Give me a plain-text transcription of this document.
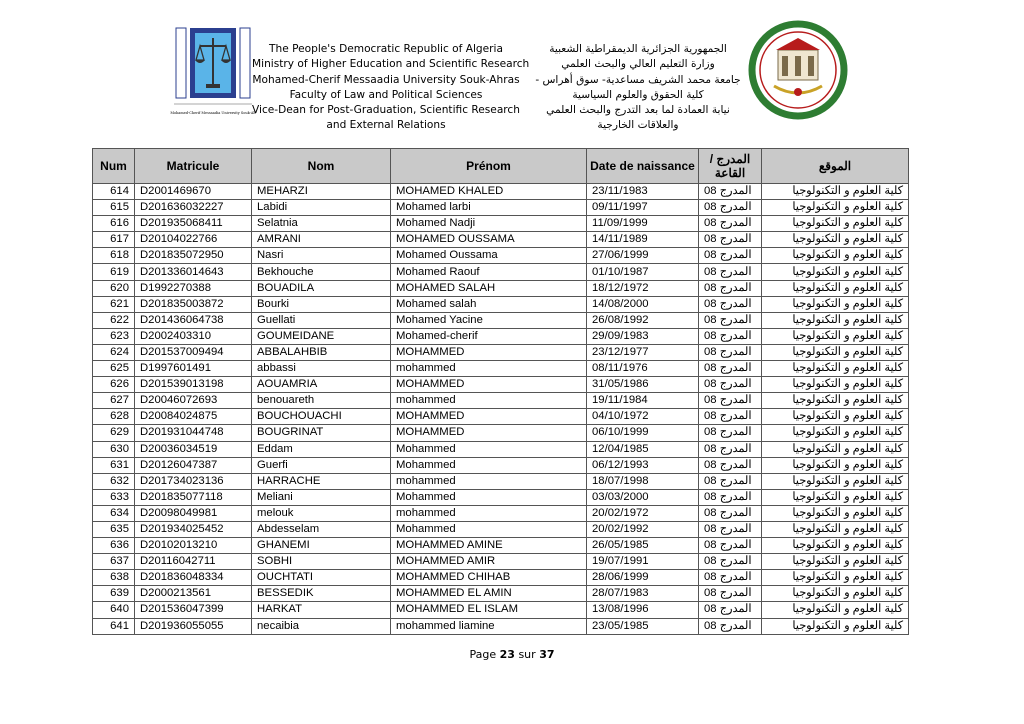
Mohamed-Cherif Messaadia University Souk-Ah
The People's Democratic Republic of Algeria
Ministry of Higher Education and Scientific Research
Mohamed-Cherif Messaadia University Souk-Ahras
Faculty of Law and Political Sciences
Vice-Dean for Post-Graduation, Scientific Research
and External Relations
الجمهورية الجزائرية الديمقراطية الشعبية
وزارة التعليم العالي والبحث العلمي
جامعة محمد الشريف مساعدية- سوق أهراس -
كلية الحقوق والعلوم السياسية
نيابة العمادة لما بعد التدرج والبحث العلمي والعلاقات الخارجية
Num	Matricule	Nom	Prénom	Date de naissance	المدرج / القاعة	الموقع
614	D2001469670	MEHARZI	MOHAMED KHALED	23/11/1983	المدرج 08	كلية العلوم و التكنولوجيا
615	D201636032227	Labidi	Mohamed larbi	09/11/1997	المدرج 08	كلية العلوم و التكنولوجيا
616	D201935068411	Selatnia	Mohamed Nadji	11/09/1999	المدرج 08	كلية العلوم و التكنولوجيا
617	D20104022766	AMRANI	MOHAMED OUSSAMA	14/11/1989	المدرج 08	كلية العلوم و التكنولوجيا
618	D201835072950	Nasri	Mohamed Oussama	27/06/1999	المدرج 08	كلية العلوم و التكنولوجيا
619	D201336014643	Bekhouche	Mohamed Raouf	01/10/1987	المدرج 08	كلية العلوم و التكنولوجيا
620	D1992270388	BOUADILA	MOHAMED SALAH	18/12/1972	المدرج 08	كلية العلوم و التكنولوجيا
621	D201835003872	Bourki	Mohamed salah	14/08/2000	المدرج 08	كلية العلوم و التكنولوجيا
622	D201436064738	Guellati	Mohamed Yacine	26/08/1992	المدرج 08	كلية العلوم و التكنولوجيا
623	D2002403310	GOUMEIDANE	Mohamed-cherif	29/09/1983	المدرج 08	كلية العلوم و التكنولوجيا
624	D201537009494	ABBALAHBIB	MOHAMMED	23/12/1977	المدرج 08	كلية العلوم و التكنولوجيا
625	D1997601491	abbassi	mohammed	08/11/1976	المدرج 08	كلية العلوم و التكنولوجيا
626	D201539013198	AOUAMRIA	MOHAMMED	31/05/1986	المدرج 08	كلية العلوم و التكنولوجيا
627	D20046072693	benouareth	mohammed	19/11/1984	المدرج 08	كلية العلوم و التكنولوجيا
628	D20084024875	BOUCHOUACHI	MOHAMMED	04/10/1972	المدرج 08	كلية العلوم و التكنولوجيا
629	D201931044748	BOUGRINAT	MOHAMMED	06/10/1999	المدرج 08	كلية العلوم و التكنولوجيا
630	D20036034519	Eddam	Mohammed	12/04/1985	المدرج 08	كلية العلوم و التكنولوجيا
631	D20126047387	Guerfi	Mohammed	06/12/1993	المدرج 08	كلية العلوم و التكنولوجيا
632	D201734023136	HARRACHE	mohammed	18/07/1998	المدرج 08	كلية العلوم و التكنولوجيا
633	D201835077118	Meliani	Mohammed	03/03/2000	المدرج 08	كلية العلوم و التكنولوجيا
634	D20098049981	melouk	mohammed	20/02/1972	المدرج 08	كلية العلوم و التكنولوجيا
635	D201934025452	Abdesselam	Mohammed	20/02/1992	المدرج 08	كلية العلوم و التكنولوجيا
636	D20102013210	GHANEMI	MOHAMMED AMINE	26/05/1985	المدرج 08	كلية العلوم و التكنولوجيا
637	D20116042711	SOBHI	MOHAMMED AMIR	19/07/1991	المدرج 08	كلية العلوم و التكنولوجيا
638	D201836048334	OUCHTATI	MOHAMMED CHIHAB	28/06/1999	المدرج 08	كلية العلوم و التكنولوجيا
639	D2000213561	BESSEDIK	MOHAMMED EL AMIN	28/07/1983	المدرج 08	كلية العلوم و التكنولوجيا
640	D201536047399	HARKAT	MOHAMMED EL ISLAM	13/08/1996	المدرج 08	كلية العلوم و التكنولوجيا
641	D201936055055	necaibia	mohammed liamine	23/05/1985	المدرج 08	كلية العلوم و التكنولوجيا
Page 23 sur 37
